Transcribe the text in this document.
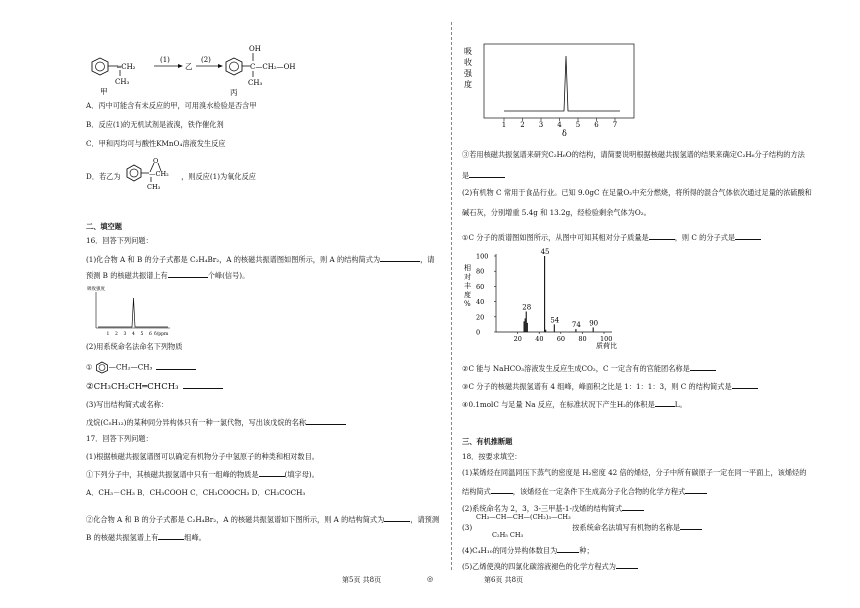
═CH₂
CH₃
甲
(1)
乙
(2)
OH
C—CH₂—OH
CH₃
丙
A．丙中可能含有未反应的甲，可用溴水检验是否含甲
B．反应(1)的无机试剂是液溴，铁作催化剂
C．甲和丙均可与酸性KMnO₄溶液发生反应
D．若乙为
O
—CH₂
CH₃
，则反应(1)为氧化反应
二、填空题
16．回答下列问题：
(1)化合物 A 和 B 的分子式都是 C₂H₄Br₂，A 的核磁共振谱图如图所示，则 A 的结构简式为	，请
预测 B 的核磁共振谱上有	个峰(信号)。
吸收强度
1 2 3 4 5 6 δ/ppm
(2)用系统命名法命名下列物质
① —CH₂—CH₃
②CH₃CH₂CH═CHCH₃
(3)写出结构简式或名称：
戊烷(C₅H₁₂)的某种同分异构体只有一种一氯代物，写出该戊烷的名称
17．回答下列问题：
(1)根据核磁共振氢谱图可以确定有机物分子中氢原子的种类和相对数目。
①下列分子中，其核磁共振氢谱中只有一组峰的物质是	(填字母)。
A．CH₃－CH₃ B．CH₃COOH C．CH₃COOCH₃ D．CH₃COCH₃
②化合物 A 和 B 的分子式都是 C₂H₄Br₂，A 的核磁共振氢谱如下图所示，则 A 的结构简式为	，请预测
B 的核磁共振氢谱上有	组峰。
吸
收
强
度
1 2 3 4 5 6 7
δ
③若用核磁共振氢谱来研究C₂H₆O的结构，请简要说明根据核磁共振氢谱的结果来确定C₂H₆分子结构的方法
是
(2)有机物 C 常用于食品行业。已知 9.0gC 在足量O₂中充分燃烧，将所得的混合气体依次通过足量的浓硫酸和
碱石灰，分别增重 5.4g 和 13.2g，经检验剩余气体为O₂。
①C 分子的质谱图如图所示，从图中可知其相对分子质量是	，则 C 的分子式是
相
对
丰
度
%
100
80
60
40
20
0
20 40 60 80 100
28
45
54
74 90
质荷比
②C 能与 NaHCO₃溶液发生反应生成CO₂，C 一定含有的官能团名称是
③C 分子的核磁共振氢谱有 4 组峰，峰面积之比是 1：1：1：3，则 C 的结构简式是
④0.1molC 与足量 Na 反应，在标准状况下产生H₂的体积是	L。
三、有机推断题
18．按要求填空：
(1)某烯烃在同温同压下蒸气的密度是 H₂密度 42 倍的烯烃，分子中所有碳原子一定在同一平面上，该烯烃的
结构简式	，该烯烃在一定条件下生成高分子化合物的化学方程式
(2)系统命名为 2，3，3-三甲基-1-戊烯的结构简式
CH₃—CH—CH—(CH₂)₃—CH₃
(3)	按系统命名法填写有机物的名称是
C₂H₅ CH₃
(4)C₄H₁₀的同分异构体数目为	种；
(5)乙烯使溴的四氯化碳溶液褪色的化学方程式为
第5页 共8页	◎	第6页 共8页
